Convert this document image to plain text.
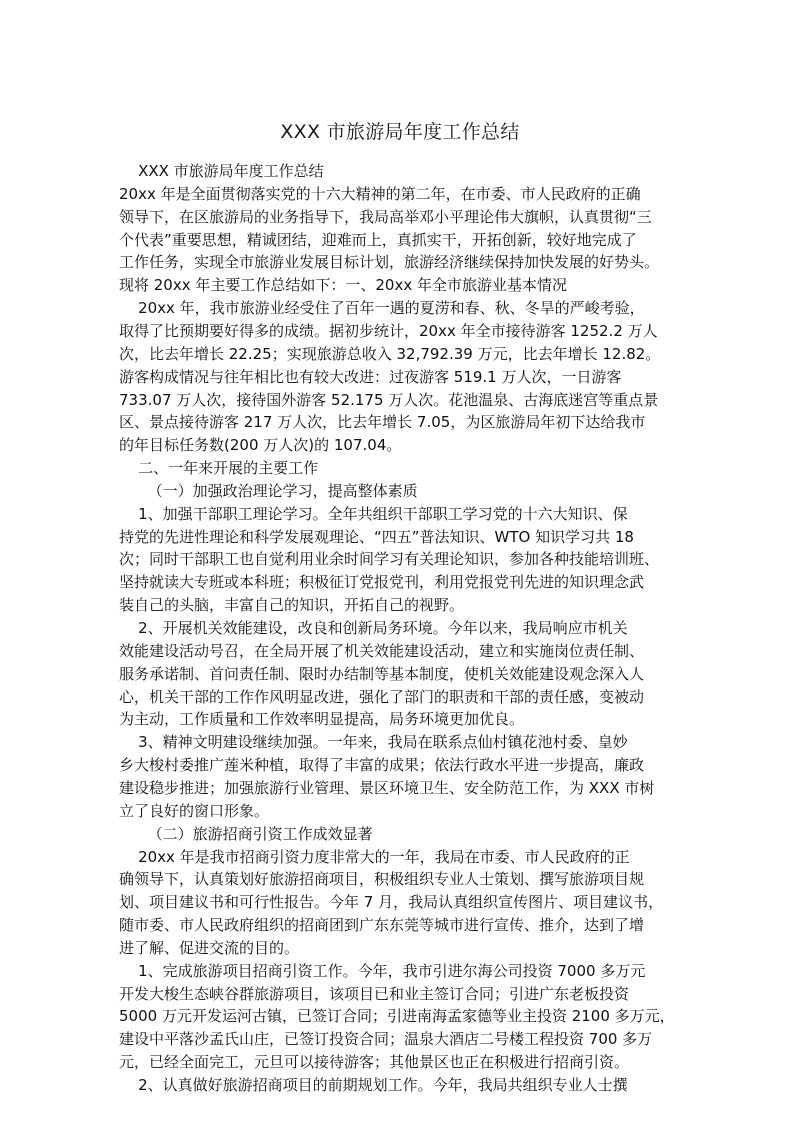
XXX 市旅游局年度工作总结
XXX 市旅游局年度工作总结
20xx 年是全面贯彻落实党的十六大精神的第二年，在市委、市人民政府的正确
领导下，在区旅游局的业务指导下，我局高举邓小平理论伟大旗帜，认真贯彻“三
个代表”重要思想，精诚团结，迎难而上，真抓实干，开拓创新，较好地完成了
工作任务，实现全市旅游业发展目标计划，旅游经济继续保持加快发展的好势头。
现将 20xx 年主要工作总结如下：一、20xx 年全市旅游业基本情况
20xx 年，我市旅游业经受住了百年一遇的夏涝和春、秋、冬旱的严峻考验，
取得了比预期要好得多的成绩。据初步统计，20xx 年全市接待游客 1252.2 万人
次，比去年增长 22.25；实现旅游总收入 32,792.39 万元，比去年增长 12.82。
游客构成情况与往年相比也有较大改进：过夜游客 519.1 万人次，一日游客
733.07 万人次，接待国外游客 52.175 万人次。花池温泉、古海底迷宫等重点景
区、景点接待游客 217 万人次，比去年增长 7.05，为区旅游局年初下达给我市
的年目标任务数(200 万人次)的 107.04。
二、一年来开展的主要工作
（一）加强政治理论学习，提高整体素质
1、加强干部职工理论学习。全年共组织干部职工学习党的十六大知识、保
持党的先进性理论和科学发展观理论、“四五”普法知识、WTO 知识学习共 18
次；同时干部职工也自觉利用业余时间学习有关理论知识，参加各种技能培训班、
坚持就读大专班或本科班；积极征订党报党刊，利用党报党刊先进的知识理念武
装自己的头脑，丰富自己的知识，开拓自己的视野。
2、开展机关效能建设，改良和创新局务环境。今年以来，我局响应市机关
效能建设活动号召，在全局开展了机关效能建设活动，建立和实施岗位责任制、
服务承诺制、首问责任制、限时办结制等基本制度，使机关效能建设观念深入人
心，机关干部的工作作风明显改进，强化了部门的职责和干部的责任感，变被动
为主动，工作质量和工作效率明显提高，局务环境更加优良。
3、精神文明建设继续加强。一年来，我局在联系点仙村镇花池村委、皇妙
乡大梭村委推广莲米种植，取得了丰富的成果；依法行政水平进一步提高，廉政
建设稳步推进；加强旅游行业管理、景区环境卫生、安全防范工作，为 XXX 市树
立了良好的窗口形象。
（二）旅游招商引资工作成效显著
20xx 年是我市招商引资力度非常大的一年，我局在市委、市人民政府的正
确领导下，认真策划好旅游招商项目，积极组织专业人士策划、撰写旅游项目规
划、项目建议书和可行性报告。今年 7 月，我局认真组织宣传图片、项目建议书，
随市委、市人民政府组织的招商团到广东东莞等城市进行宣传、推介，达到了增
进了解、促进交流的目的。
1、完成旅游项目招商引资工作。今年，我市引进尔海公司投资 7000 多万元
开发大梭生态峡谷群旅游项目，该项目已和业主签订合同；引进广东老板投资
5000 万元开发运河古镇，已签订合同；引进南海孟家德等业主投资 2100 多万元，
建设中平落沙孟氏山庄，已签订投资合同；温泉大酒店二号楼工程投资 700 多万
元，已经全面完工，元旦可以接待游客；其他景区也正在积极进行招商引资。
2、认真做好旅游招商项目的前期规划工作。今年，我局共组织专业人士撰
